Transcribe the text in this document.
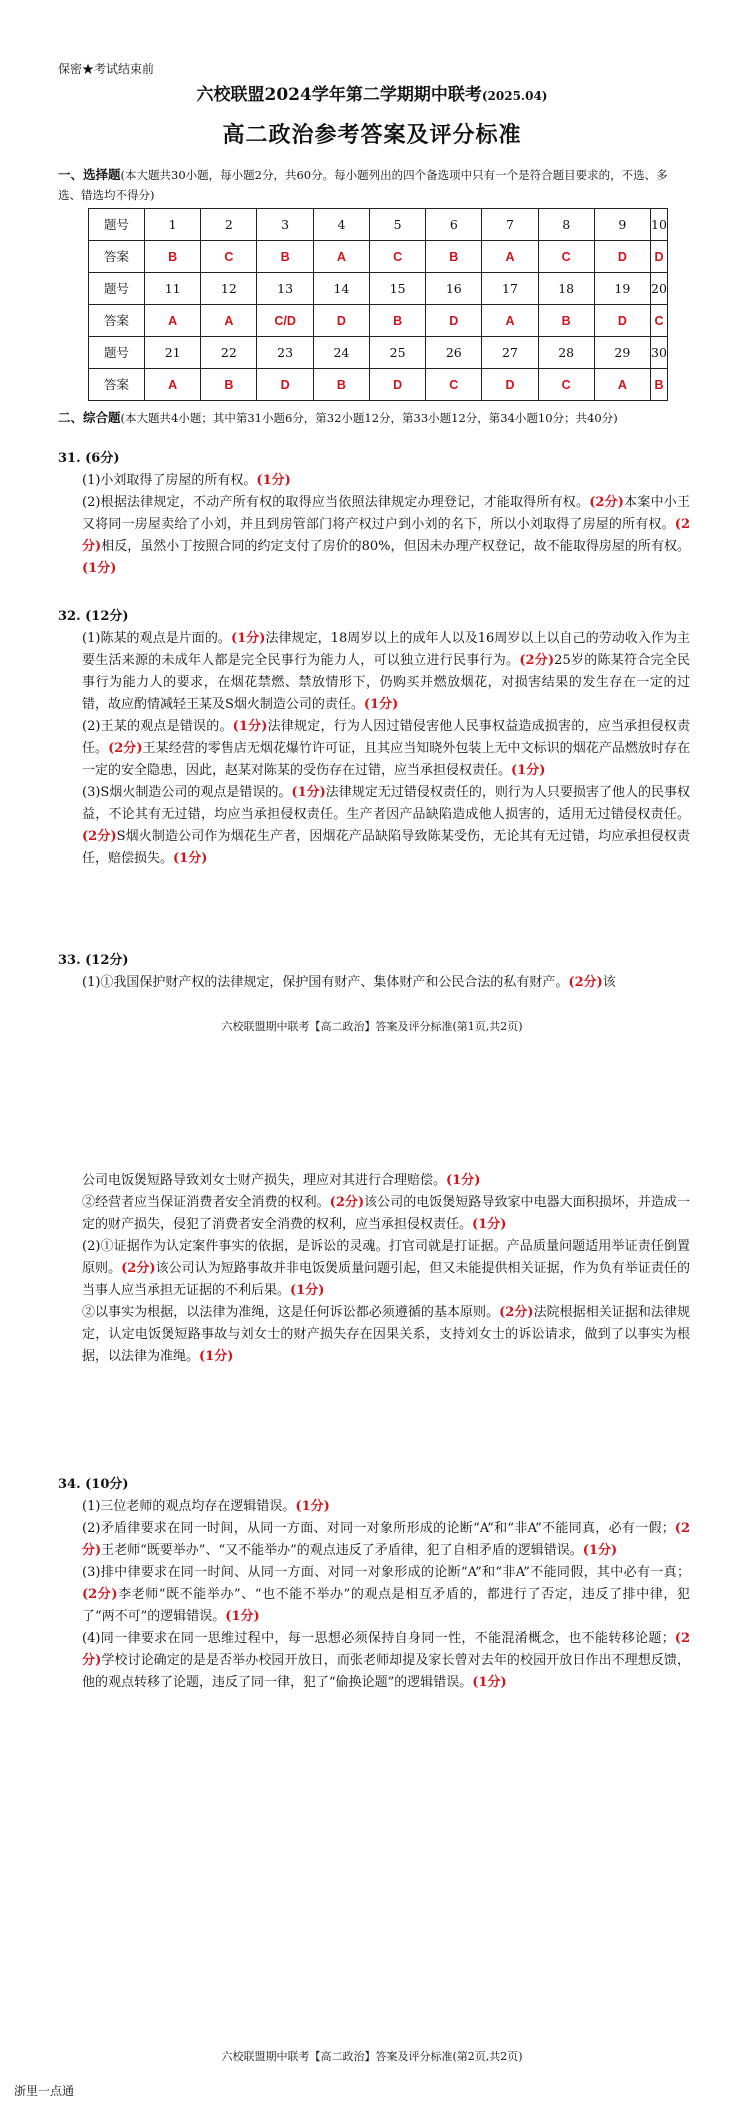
保密★考试结束前
六校联盟2024学年第二学期期中联考(2025.04)
高二政治参考答案及评分标准
一、选择题(本大题共30小题，每小题2分，共60分。每小题列出的四个备选项中只有一个是符合题目要求的，不选、多选、错选均不得分)
题号	1	2	3	4	5	6	7	8	9	10
答案	B	C	B	A	C	B	A	C	D	D
题号	11	12	13	14	15	16	17	18	19	20
答案	A	A	C/D	D	B	D	A	B	D	C
题号	21	22	23	24	25	26	27	28	29	30
答案	A	B	D	B	D	C	D	C	A	B
二、综合题(本大题共4小题；其中第31小题6分，第32小题12分，第33小题12分，第34小题10分；共40分)
31. (6分)
(1)小刘取得了房屋的所有权。(1分)
(2)根据法律规定，不动产所有权的取得应当依照法律规定办理登记，才能取得所有权。(2分)本案中小王又将同一房屋卖给了小刘，并且到房管部门将产权过户到小刘的名下，所以小刘取得了房屋的所有权。(2分)相反，虽然小丁按照合同的约定支付了房价的80%，但因未办理产权登记，故不能取得房屋的所有权。(1分)
32. (12分)
(1)陈某的观点是片面的。(1分)法律规定，18周岁以上的成年人以及16周岁以上以自己的劳动收入作为主要生活来源的未成年人都是完全民事行为能力人，可以独立进行民事行为。(2分)25岁的陈某符合完全民事行为能力人的要求，在烟花禁燃、禁放情形下，仍购买并燃放烟花，对损害结果的发生存在一定的过错，故应酌情减轻王某及S烟火制造公司的责任。(1分)
(2)王某的观点是错误的。(1分)法律规定，行为人因过错侵害他人民事权益造成损害的，应当承担侵权责任。(2分)王某经营的零售店无烟花爆竹许可证，且其应当知晓外包装上无中文标识的烟花产品燃放时存在一定的安全隐患，因此，赵某对陈某的受伤存在过错，应当承担侵权责任。(1分)
(3)S烟火制造公司的观点是错误的。(1分)法律规定无过错侵权责任的，则行为人只要损害了他人的民事权益，不论其有无过错，均应当承担侵权责任。生产者因产品缺陷造成他人损害的，适用无过错侵权责任。(2分)S烟火制造公司作为烟花生产者，因烟花产品缺陷导致陈某受伤，无论其有无过错，均应承担侵权责任，赔偿损失。(1分)
33. (12分)
(1)①我国保护财产权的法律规定，保护国有财产、集体财产和公民合法的私有财产。(2分)该
六校联盟期中联考【高二政治】答案及评分标准(第1页,共2页)
公司电饭煲短路导致刘女士财产损失，理应对其进行合理赔偿。(1分)
②经营者应当保证消费者安全消费的权利。(2分)该公司的电饭煲短路导致家中电器大面积损坏，并造成一定的财产损失，侵犯了消费者安全消费的权利，应当承担侵权责任。(1分)
(2)①证据作为认定案件事实的依据，是诉讼的灵魂。打官司就是打证据。产品质量问题适用举证责任倒置原则。(2分)该公司认为短路事故并非电饭煲质量问题引起，但又未能提供相关证据，作为负有举证责任的当事人应当承担无证据的不利后果。(1分)
②以事实为根据，以法律为准绳，这是任何诉讼都必须遵循的基本原则。(2分)法院根据相关证据和法律规定，认定电饭煲短路事故与刘女士的财产损失存在因果关系，支持刘女士的诉讼请求，做到了以事实为根据，以法律为准绳。(1分)
34. (10分)
(1)三位老师的观点均存在逻辑错误。(1分)
(2)矛盾律要求在同一时间，从同一方面、对同一对象所形成的论断“A”和“非A”不能同真，必有一假；(2分)王老师“既要举办”、“又不能举办”的观点违反了矛盾律，犯了自相矛盾的逻辑错误。(1分)
(3)排中律要求在同一时间、从同一方面、对同一对象形成的论断“A”和“非A”不能同假，其中必有一真；(2分)李老师“既不能举办”、“也不能不举办”的观点是相互矛盾的，都进行了否定，违反了排中律，犯了“两不可”的逻辑错误。(1分)
(4)同一律要求在同一思维过程中，每一思想必须保持自身同一性，不能混淆概念，也不能转移论题；(2分)学校讨论确定的是是否举办校园开放日，而张老师却提及家长曾对去年的校园开放日作出不理想反馈，他的观点转移了论题，违反了同一律，犯了“偷换论题”的逻辑错误。(1分)
六校联盟期中联考【高二政治】答案及评分标准(第2页,共2页)
浙里一点通
